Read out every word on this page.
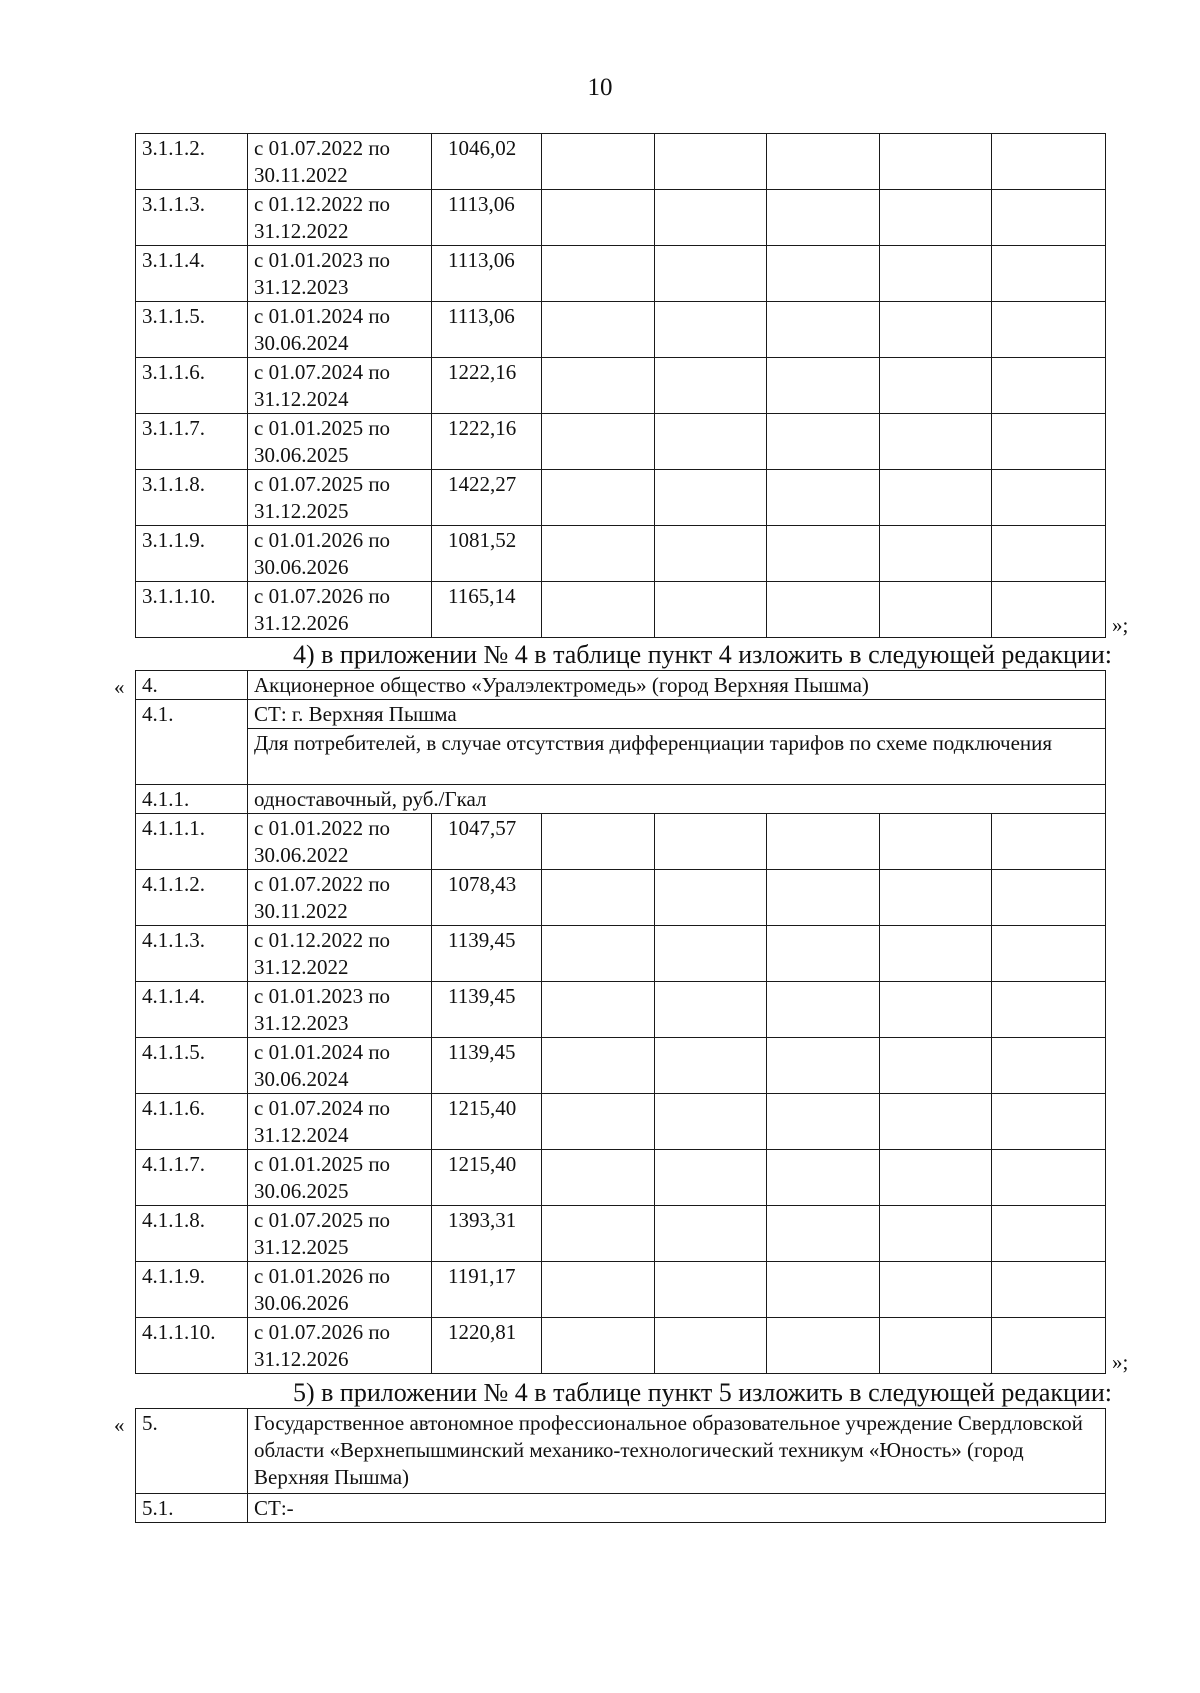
10
3.1.1.2.	с 01.07.2022 по 30.11.2022	1046,02					
3.1.1.3.	с 01.12.2022 по 31.12.2022	1113,06					
3.1.1.4.	с 01.01.2023 по 31.12.2023	1113,06					
3.1.1.5.	с 01.01.2024 по 30.06.2024	1113,06					
3.1.1.6.	с 01.07.2024 по 31.12.2024	1222,16					
3.1.1.7.	с 01.01.2025 по 30.06.2025	1222,16					
3.1.1.8.	с 01.07.2025 по 31.12.2025	1422,27					
3.1.1.9.	с 01.01.2026 по 30.06.2026	1081,52					
3.1.1.10.	с 01.07.2026 по 31.12.2026	1165,14					
»;
4) в приложении № 4 в таблице пункт 4 изложить в следующей редакции:
« 4.	Акционерное общество «Уралэлектромедь» (город Верхняя Пышма)						
4.1.	СТ: г. Верхняя Пышма						
	Для потребителей, в случае отсутствия дифференциации тарифов по схеме подключения						
4.1.1.	одноставочный, руб./Гкал						
4.1.1.1.	с 01.01.2022 по 30.06.2022	1047,57					
4.1.1.2.	с 01.07.2022 по 30.11.2022	1078,43					
4.1.1.3.	с 01.12.2022 по 31.12.2022	1139,45					
4.1.1.4.	с 01.01.2023 по 31.12.2023	1139,45					
4.1.1.5.	с 01.01.2024 по 30.06.2024	1139,45					
4.1.1.6.	с 01.07.2024 по 31.12.2024	1215,40					
4.1.1.7.	с 01.01.2025 по 30.06.2025	1215,40					
4.1.1.8.	с 01.07.2025 по 31.12.2025	1393,31					
4.1.1.9.	с 01.01.2026 по 30.06.2026	1191,17					
4.1.1.10.	с 01.07.2026 по 31.12.2026	1220,81					
»;
5) в приложении № 4 в таблице пункт 5 изложить в следующей редакции:
« 5.	Государственное автономное профессиональное образовательное учреждение Свердловской области «Верхнепышминский механико-технологический техникум «Юность» (город Верхняя Пышма)
5.1.	СТ:-
